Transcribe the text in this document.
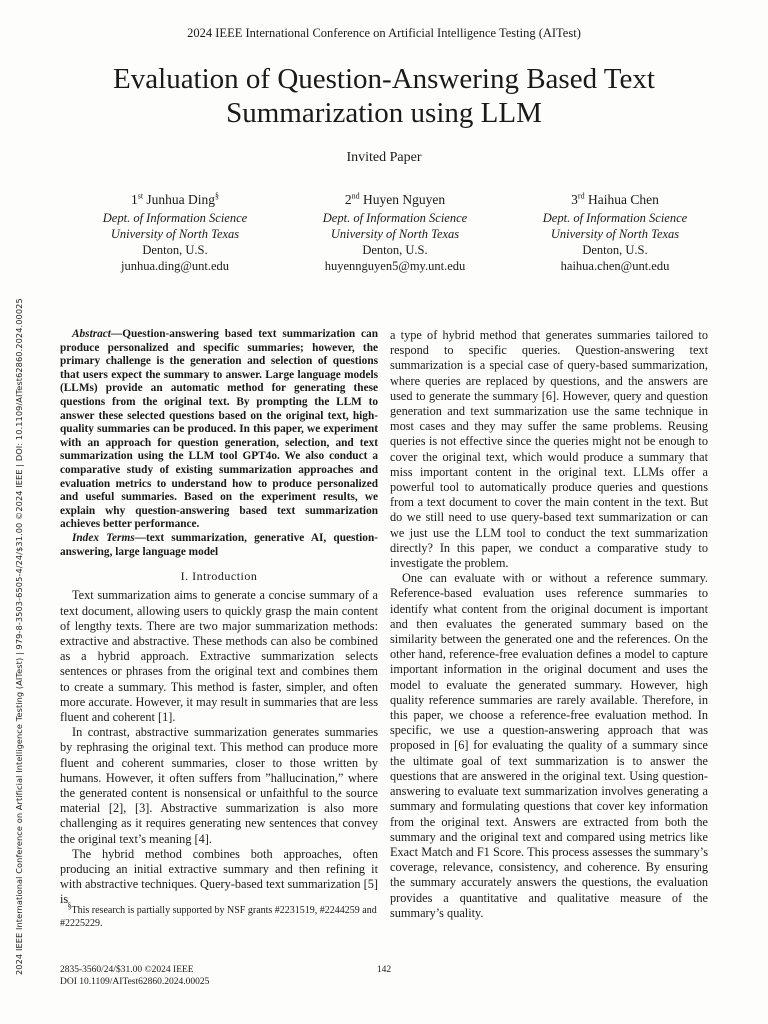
2024 IEEE International Conference on Artificial Intelligence Testing (AITest)
Evaluation of Question-Answering Based Text Summarization using LLM
Invited Paper
1st Junhua Ding§
Dept. of Information Science
University of North Texas
Denton, U.S.
junhua.ding@unt.edu
2nd Huyen Nguyen
Dept. of Information Science
University of North Texas
Denton, U.S.
huyennguyen5@my.unt.edu
3rd Haihua Chen
Dept. of Information Science
University of North Texas
Denton, U.S.
haihua.chen@unt.edu
2024 IEEE International Conference on Artificial Intelligence Testing (AITest) | 979-8-3503-6505-4/24/$31.00 ©2024 IEEE | DOI: 10.1109/AITest62860.2024.00025	Abstract—Question-answering based text summarization can produce personalized and specific summaries; however, the primary challenge is the generation and selection of questions that users expect the summary to answer. Large language models (LLMs) provide an automatic method for generating these questions from the original text. By prompting the LLM to answer these selected questions based on the original text, high-quality summaries can be produced. In this paper, we experiment with an approach for question generation, selection, and text summarization using the LLM tool GPT4o. We also conduct a comparative study of existing summarization approaches and evaluation metrics to understand how to produce personalized and useful summaries. Based on the experiment results, we explain why question-answering based text summarization achieves better performance.

Index Terms—text summarization, generative AI, question-answering, large language model

I. Introduction

Text summarization aims to generate a concise summary of a text document, allowing users to quickly grasp the main content of lengthy texts. There are two major summarization methods: extractive and abstractive. These methods can also be combined as a hybrid approach. Extractive summarization selects sentences or phrases from the original text and combines them to create a summary. This method is faster, simpler, and often more accurate. However, it may result in summaries that are less fluent and coherent [1].

In contrast, abstractive summarization generates summaries by rephrasing the original text. This method can produce more fluent and coherent summaries, closer to those written by humans. However, it often suffers from ”hallucination,” where the generated content is nonsensical or unfaithful to the source material [2], [3]. Abstractive summarization is also more challenging as it requires generating new sentences that convey the original text’s meaning [4].

The hybrid method combines both approaches, often producing an initial extractive summary and then refining it with abstractive techniques. Query-based text summarization [5] is

a type of hybrid method that generates summaries tailored to respond to specific queries. Question-answering text summarization is a special case of query-based summarization, where queries are replaced by questions, and the answers are used to generate the summary [6]. However, query and question generation and text summarization use the same technique in most cases and they may suffer the same problems. Reusing queries is not effective since the queries might not be enough to cover the original text, which would produce a summary that miss important content in the original text. LLMs offer a powerful tool to automatically produce queries and questions from a text document to cover the main content in the text. But do we still need to use query-based text summarization or can we just use the LLM tool to conduct the text summarization directly? In this paper, we conduct a comparative study to investigate the problem.

One can evaluate with or without a reference summary. Reference-based evaluation uses reference summaries to identify what content from the original document is important and then evaluates the generated summary based on the similarity between the generated one and the references. On the other hand, reference-free evaluation defines a model to capture important information in the original document and uses the model to evaluate the generated summary. However, high quality reference summaries are rarely available. Therefore, in this paper, we choose a reference-free evaluation method. In specific, we use a question-answering approach that was proposed in [6] for evaluating the quality of a summary since the ultimate goal of text summarization is to answer the questions that are answered in the original text. Using question-answering to evaluate text summarization involves generating a summary and formulating questions that cover key information from the original text. Answers are extracted from both the summary and the original text and compared using metrics like Exact Match and F1 Score. This process assesses the summary’s coverage, relevance, consistency, and coherence. By ensuring the summary accurately answers the questions, the evaluation provides a quantitative and qualitative measure of the summary’s quality.

§This research is partially supported by NSF grants #2231519, #2244259 and #2225229.
2835-3560/24/$31.00 ©2024 IEEE
DOI 10.1109/AITest62860.2024.00025
142
